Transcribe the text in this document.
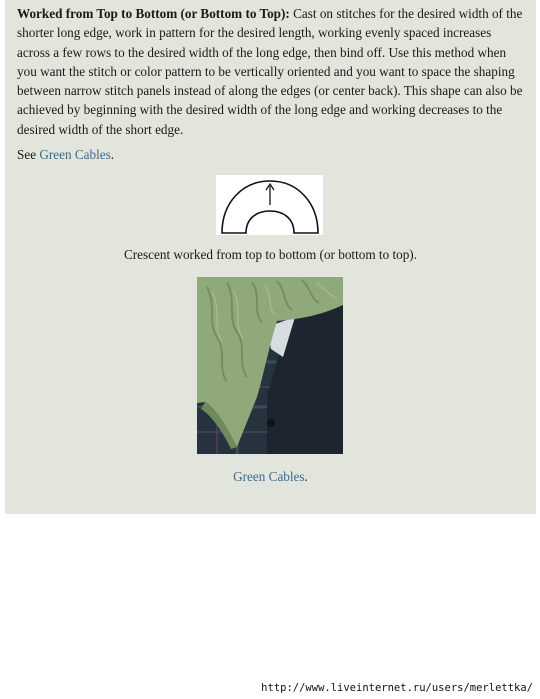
Worked from Top to Bottom (or Bottom to Top): Cast on stitches for the desired width of the shorter long edge, work in pattern for the desired length, working evenly spaced increases across a few rows to the desired width of the long edge, then bind off. Use this method when you want the stitch or color pattern to be vertically oriented and you want to space the shaping between narrow stitch panels instead of along the edges (or center back). This shape can also be achieved by beginning with the desired width of the long edge and working decreases to the desired width of the short edge.

See Green Cables.

Crescent worked from top to bottom (or bottom to top).

Green Cables.

http://www.liveinternet.ru/users/merlettka/
